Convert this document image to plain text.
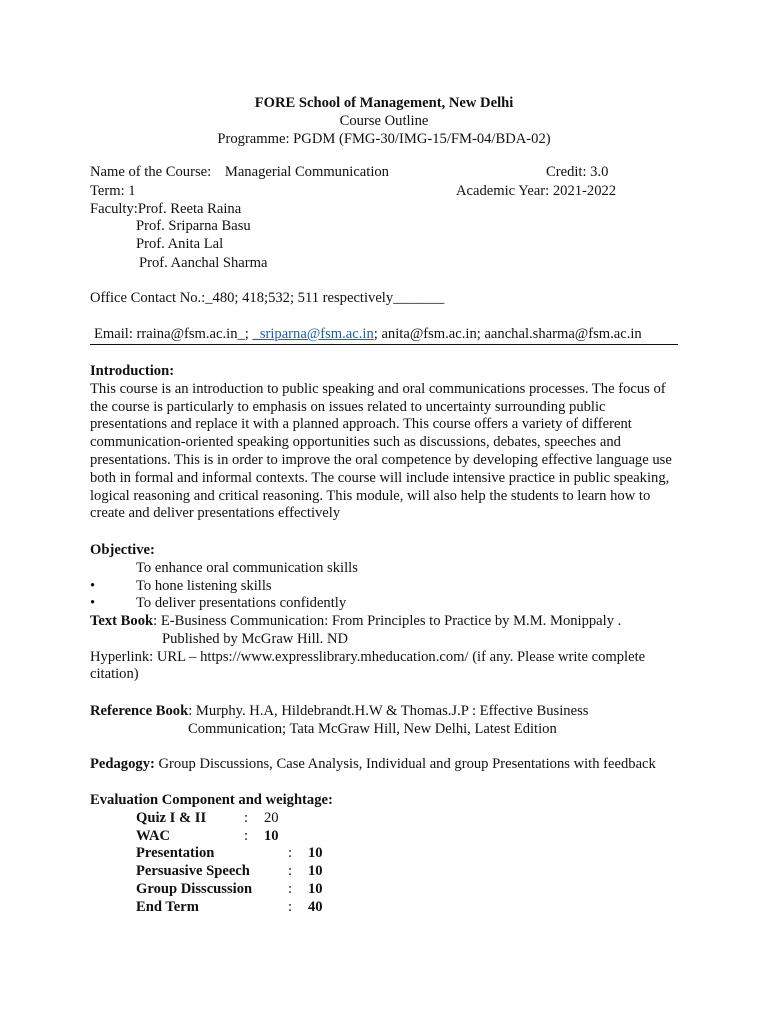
FORE School of Management, New Delhi
Course Outline
Programme: PGDM (FMG-30/IMG-15/FM-04/BDA-02)
Name of the Course: Managerial Communication	Credit: 3.0
Term: 1	Academic Year: 2021-2022
Faculty:Prof. Reeta Raina
Prof. Sriparna Basu
Prof. Anita Lal
Prof. Aanchal Sharma
Office Contact No.:_480; 418;532; 511 respectively_______
Email: rraina@fsm.ac.in_; _sriparna@fsm.ac.in; anita@fsm.ac.in; aanchal.sharma@fsm.ac.in
Introduction:

This course is an introduction to public speaking and oral communications processes. The focus of the course is particularly to emphasis on issues related to uncertainty surrounding public presentations and replace it with a planned approach. This course offers a variety of different communication-oriented speaking opportunities such as discussions, debates, speeches and presentations. This is in order to improve the oral competence by developing effective language use both in formal and informal contexts. The course will include intensive practice in public speaking, logical reasoning and critical reasoning. This module, will also help the students to learn how to create and deliver presentations effectively

Objective:
To enhance oral communication skills
•	To hone listening skills
•	To deliver presentations confidently
Text Book: E-Business Communication: From Principles to Practice by M.M. Monippaly .
Published by McGraw Hill. ND
Hyperlink: URL – https://www.expresslibrary.mheducation.com/ (if any. Please write complete citation)
Reference Book: Murphy. H.A, Hildebrandt.H.W & Thomas.J.P : Effective Business
Communication; Tata McGraw Hill, New Delhi, Latest Edition
Pedagogy: Group Discussions, Case Analysis, Individual and group Presentations with feedback
Evaluation Component and weightage:
Quiz I & II	:	20
WAC	:	10
Presentation	:	10
Persuasive Speech	:	10
Group Disscussion	:	10
End Term	:	40
